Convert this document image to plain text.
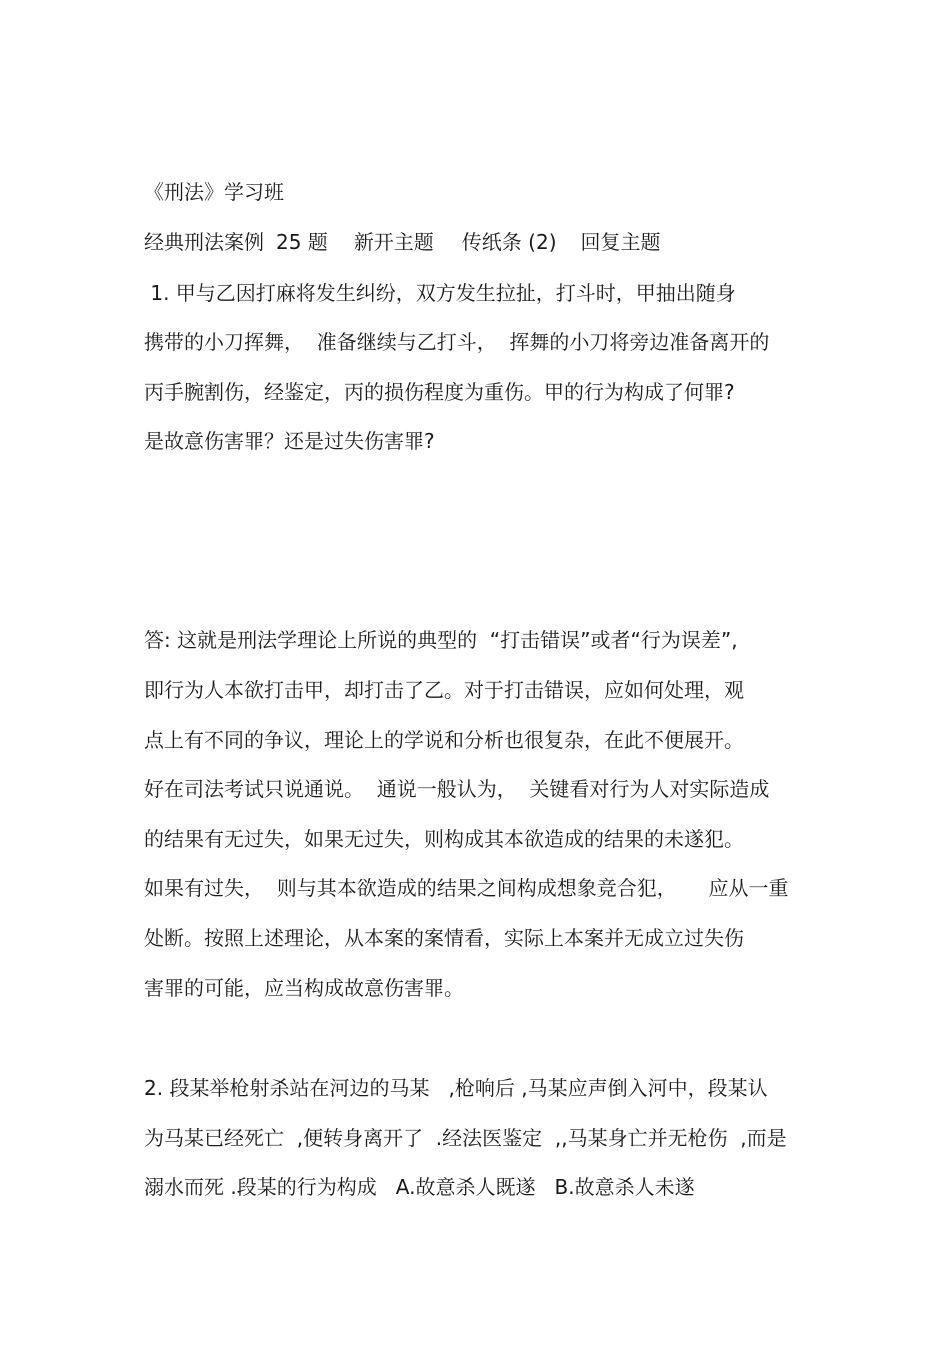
《刑法》学习班
经典刑法案例 25 题 新开主题 传纸条 (2) 回复主题
1. 甲与乙因打麻将发生纠纷，双方发生拉扯，打斗时，甲抽出随身
携带的小刀挥舞，  准备继续与乙打斗，  挥舞的小刀将旁边准备离开的
丙手腕割伤，经鉴定，丙的损伤程度为重伤。甲的行为构成了何罪?
是故意伤害罪？还是过失伤害罪?
答: 这就是刑法学理论上所说的典型的  “打击错误”或者“行为误差”,
即行为人本欲打击甲，却打击了乙。对于打击错误，应如何处理，观
点上有不同的争议，理论上的学说和分析也很复杂，在此不便展开。
好在司法考试只说通说。  通说一般认为，  关键看对行为人对实际造成
的结果有无过失，如果无过失，则构成其本欲造成的结果的未遂犯。
如果有过失，  则与其本欲造成的结果之间构成想象竞合犯，     应从一重
处断。按照上述理论，从本案的案情看，实际上本案并无成立过失伤
害罪的可能，应当构成故意伤害罪。
2. 段某举枪射杀站在河边的马某   ,枪响后 ,马某应声倒入河中，段某认
为马某已经死亡  ,便转身离开了  .经法医鉴定  ,,马某身亡并无枪伤  ,而是
溺水而死 .段某的行为构成   A.故意杀人既遂   B.故意杀人未遂
